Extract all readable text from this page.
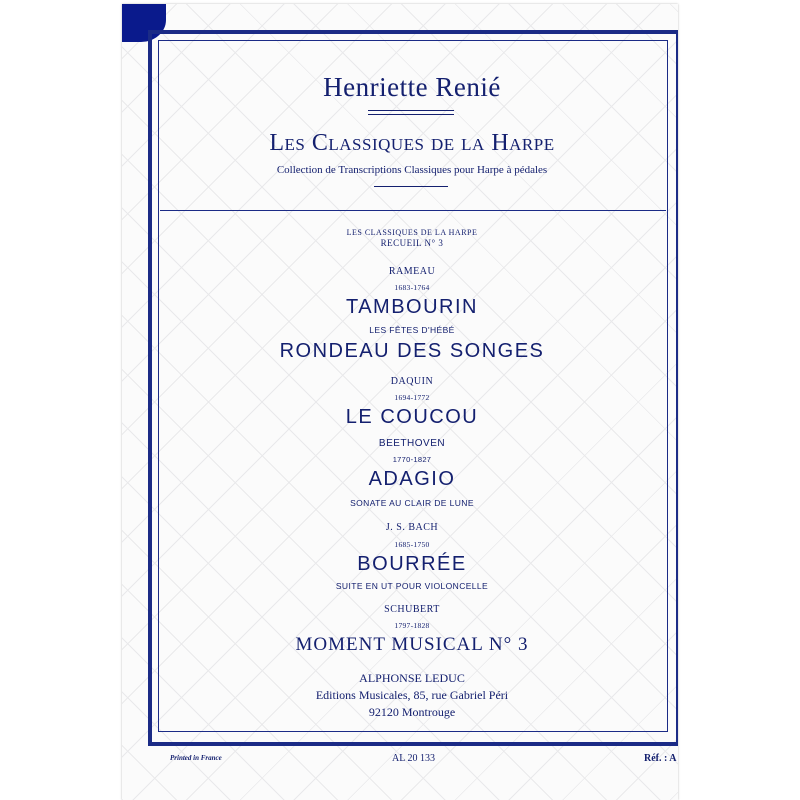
Henriette Renié
Les Classiques de la Harpe
Collection de Transcriptions Classiques pour Harpe à pédales
LES CLASSIQUES DE LA HARPE
RECUEIL N° 3
RAMEAU
1683-1764
TAMBOURIN
LES FÊTES D'HÉBÉ
RONDEAU DES SONGES
DAQUIN
1694-1772
LE COUCOU
BEETHOVEN
1770-1827
ADAGIO
SONATE AU CLAIR DE LUNE
J. S. BACH
1685-1750
BOURRÉE
SUITE EN UT POUR VIOLONCELLE
SCHUBERT
1797-1828
MOMENT MUSICAL N° 3
ALPHONSE LEDUC
Editions Musicales, 85, rue Gabriel Péri
92120 Montrouge
Printed in France	AL 20 133	Réf. : A
